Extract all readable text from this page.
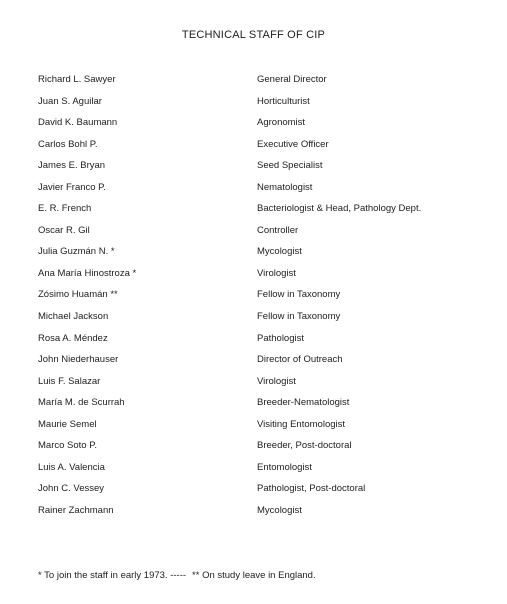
TECHNICAL STAFF OF CIP
Richard L. Sawyer	General Director
Juan S. Aguilar	Horticulturist
David K. Baumann	Agronomist
Carlos Bohl P.	Executive Officer
James E. Bryan	Seed Specialist
Javier Franco P.	Nematologist
E. R. French	Bacteriologist & Head, Pathology Dept.
Oscar R. Gil	Controller
Julia Guzmán N. *	Mycologist
Ana María Hinostroza *	Virologist
Zósimo Huamán **	Fellow in Taxonomy
Michael Jackson	Fellow in Taxonomy
Rosa A. Méndez	Pathologist
John Niederhauser	Director of Outreach
Luis F. Salazar	Virologist
María M. de Scurrah	Breeder-Nematologist
Maurie Semel	Visiting Entomologist
Marco Soto P.	Breeder, Post-doctoral
Luis A. Valencia	Entomologist
John C. Vessey	Pathologist, Post-doctoral
Rainer Zachmann	Mycologist
* To join the staff in early 1973. ----- ** On study leave in England.
